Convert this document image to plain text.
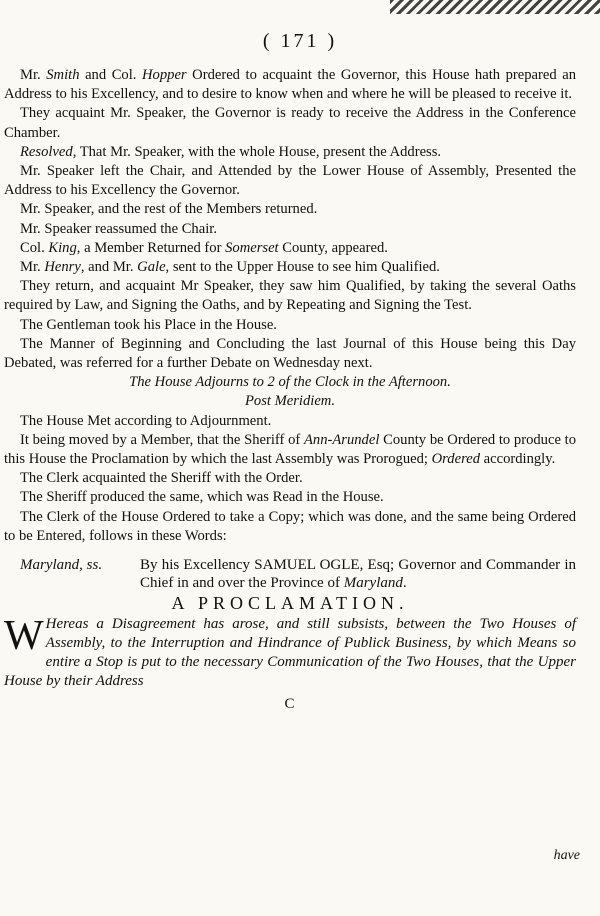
( 171 )

Mr. Smith and Col. Hopper Ordered to acquaint the Governor, this House hath prepared an Address to his Excellency, and to desire to know when and where he will be pleased to receive it.

They acquaint Mr. Speaker, the Governor is ready to receive the Address in the Conference Chamber.

Resolved, That Mr. Speaker, with the whole House, present the Address.

Mr. Speaker left the Chair, and Attended by the Lower House of Assembly, Presented the Address to his Excellency the Governor.

Mr. Speaker, and the rest of the Members returned.

Mr. Speaker reassumed the Chair.

Col. King, a Member Returned for Somerset County, appeared.

Mr. Henry, and Mr. Gale, sent to the Upper House to see him Qualified.

They return, and acquaint Mr Speaker, they saw him Qualified, by taking the several Oaths required by Law, and Signing the Oaths, and by Repeating and Signing the Test.

The Gentleman took his Place in the House.

The Manner of Beginning and Concluding the last Journal of this House being this Day Debated, was referred for a further Debate on Wednesday next.

The House Adjourns to 2 of the Clock in the Afternoon.

Post Meridiem.

The House Met according to Adjournment.

It being moved by a Member, that the Sheriff of Ann-Arundel County be Ordered to produce to this House the Proclamation by which the last Assembly was Prorogued; Ordered accordingly.

The Clerk acquainted the Sheriff with the Order.

The Sheriff produced the same, which was Read in the House.

The Clerk of the House Ordered to take a Copy; which was done, and the same being Ordered to be Entered, follows in these Words:

Maryland, ss.	By his Excellency SAMUEL OGLE, Esq; Governor and Commander in Chief in and over the Province of Maryland.
A PROCLAMATION.

W Hereas a Disagreement has arose, and still subsists, between the Two Houses of Assembly, to the Interruption and Hindrance of Publick Business, by which Means so entire a Stop is put to the necessary Communication of the Two Houses, that the Upper House by their Address

C
have
